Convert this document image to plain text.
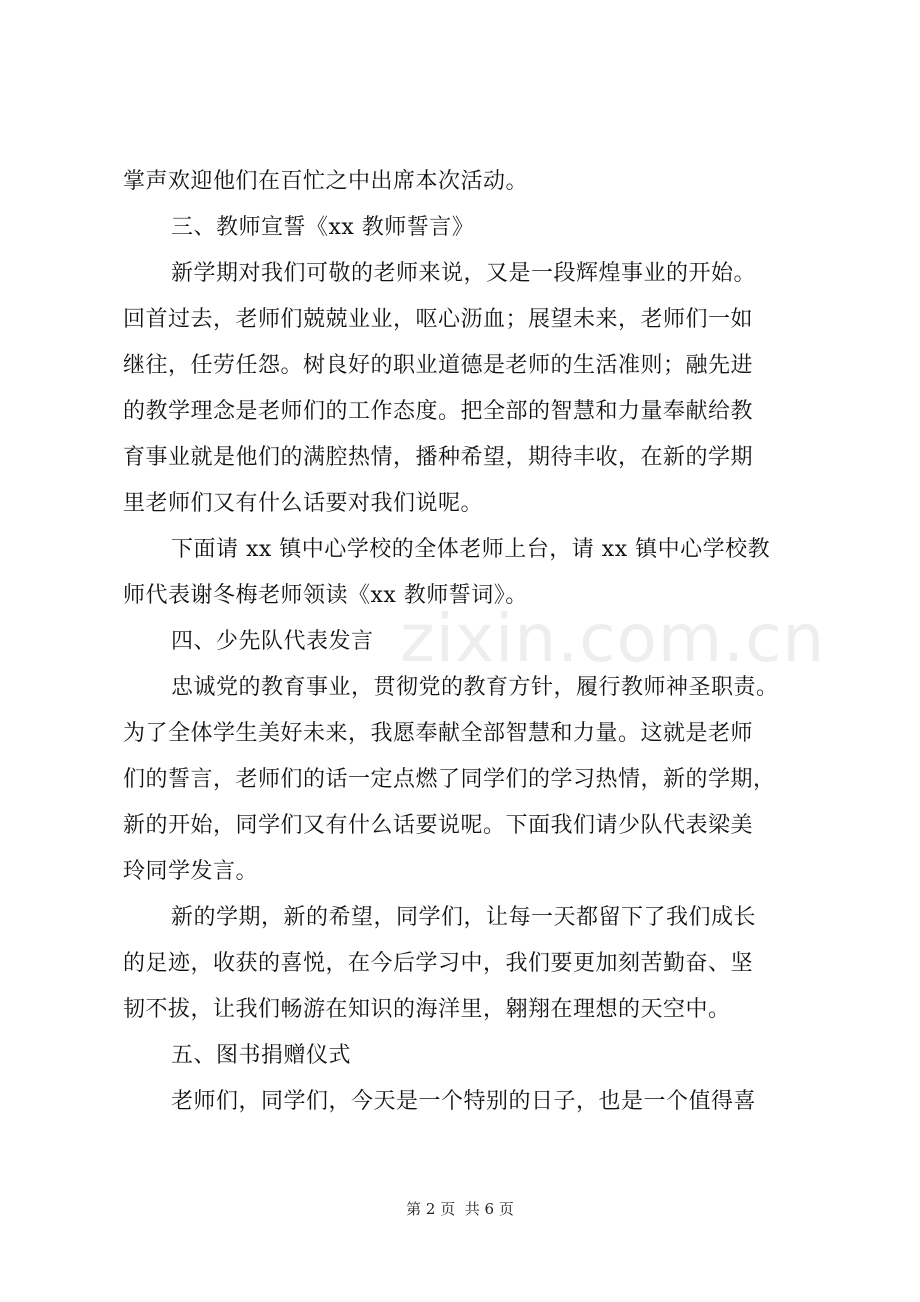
掌声欢迎他们在百忙之中出席本次活动。
三、教师宣誓《xx 教师誓言》
新学期对我们可敬的老师来说，又是一段辉煌事业的开始。
回首过去，老师们兢兢业业，呕心沥血；展望未来，老师们一如
继往，任劳任怨。树良好的职业道德是老师的生活准则；融先进
的教学理念是老师们的工作态度。把全部的智慧和力量奉献给教
育事业就是他们的满腔热情，播种希望，期待丰收，在新的学期
里老师们又有什么话要对我们说呢。
下面请 xx 镇中心学校的全体老师上台，请 xx 镇中心学校教
师代表谢冬梅老师领读《xx 教师誓词》。
四、少先队代表发言
忠诚党的教育事业，贯彻党的教育方针，履行教师神圣职责。
为了全体学生美好未来，我愿奉献全部智慧和力量。这就是老师
们的誓言，老师们的话一定点燃了同学们的学习热情，新的学期，
新的开始，同学们又有什么话要说呢。下面我们请少队代表梁美
玲同学发言。
新的学期，新的希望，同学们，让每一天都留下了我们成长
的足迹，收获的喜悦，在今后学习中，我们要更加刻苦勤奋、坚
韧不拔，让我们畅游在知识的海洋里，翱翔在理想的天空中。
五、图书捐赠仪式
老师们，同学们，今天是一个特别的日子，也是一个值得喜
zixin.com.cn
第 2 页  共 6 页
